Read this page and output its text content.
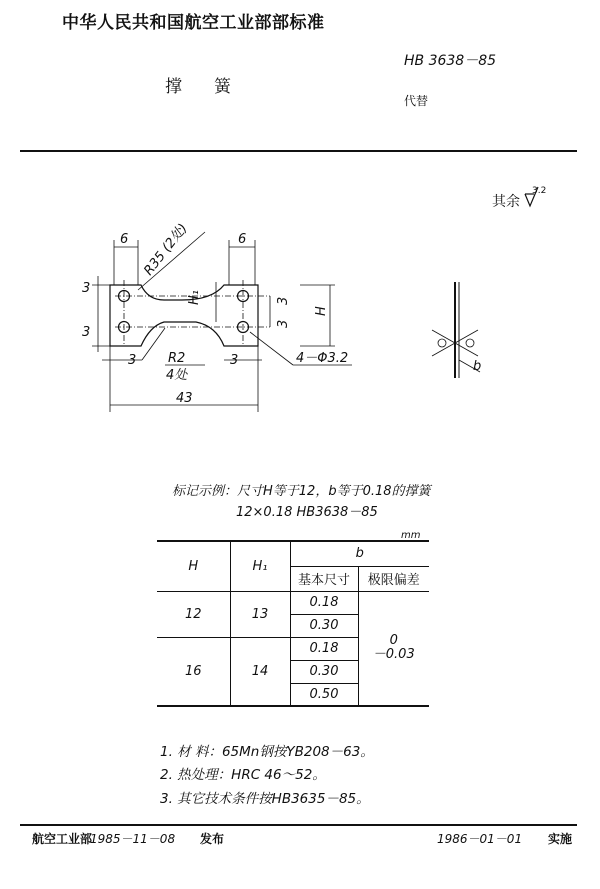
中华人民共和国航空工业部部标准
HB 3638－85
撑簧
代替
其余
3.2
6	6
R35 (2处)
3
3
H₁	3
3
H
3	3
R2
4处
4－Φ3.2
43
b
标记示例：尺寸H等于12，b等于0.18的撑簧
12×0.18 HB3638－85
mm
H	H₁	b	
		基本尺寸	极限偏差
12	13	0.18	0
－0.03

		0.30	
16	14	0.18	
		0.30	
		0.50	
1. 材 料：65Mn钢按YB208－63。
2. 热处理：HRC 46～52。
3. 其它技术条件按HB3635－85。
航空工业部
1985－11－08 发布	1986－01－01 实施
